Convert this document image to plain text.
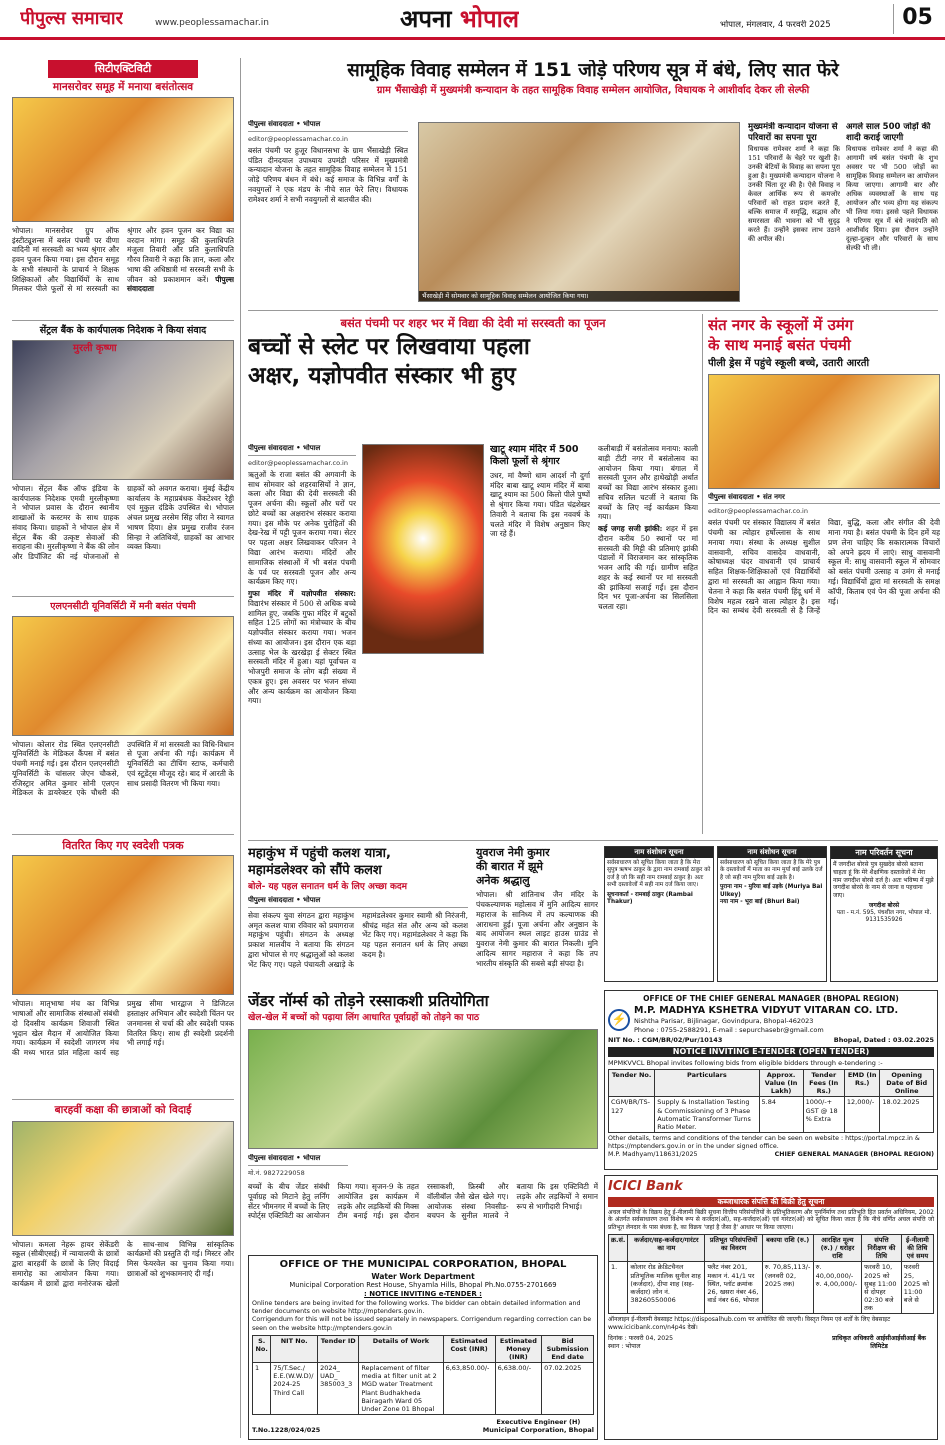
पीपुल्स समाचार	www.peoplessamachar.in	अपना भोपाल	भोपाल, मंगलवार, 4 फरवरी 2025	05
सिटीएक्टिविटी
मानसरोवर समूह में मनाया बसंतोत्सव
भोपाल। मानसरोवर ग्रुप ऑफ इंस्टीट्यूशन्स में बसंत पंचमी पर वीणा वादिनी मां सरस्वती का भव्य श्रृंगार और हवन पूजन किया गया। इस दौरान समूह के सभी संस्थानों के प्राचार्य ने शिक्षक शिक्षिकाओं और विद्यार्थियों के साथ मिलकर पीले फूलों से मां सरस्वती का श्रृंगार और हवन पूजन कर विद्या का वरदान मांगा। समूह की कुलाधिपति मंजुला तिवारी और प्रति कुलाधिपति गौरव तिवारी ने कहा कि ज्ञान, कला और भाषा की अधिष्ठात्री मां सरस्वती सभी के जीवन को प्रकाशमान करें। पीपुल्स संवाददाता
सेंट्रल बैंक के कार्यपालक निदेशक ने किया संवाद
मुरली कृष्णा
भोपाल। सेंट्रल बैंक ऑफ इंडिया के कार्यपालक निदेशक एमवी मुरलीकृष्णा ने भोपाल प्रवास के दौरान स्थानीय शाखाओं के कस्टमर के साथ ग्राहक संवाद किया। ग्राहकों ने भोपाल क्षेत्र में सेंट्रल बैंक की उत्कृष्ट सेवाओं की सराहना की। मुरलीकृष्णा ने बैंक की लोन और डिपॉजिट की नई योजनाओं से ग्राहकों को अवगत कराया। मुंबई केंद्रीय कार्यालय के महाप्रबंधक वेंकटेश्वर रेड्डी एवं मुकुल दंडिके उपस्थित थे। भोपाल अंचल प्रमुख तरसेम सिंह जीरा ने स्वागत भाषण दिया। क्षेत्र प्रमुख राजीव रंजन सिन्हा ने अतिथियों, ग्राहकों का आभार व्यक्त किया।
एलएनसीटी यूनिवर्सिटी में मनी बसंत पंचमी
भोपाल। कोलार रोड स्थित एलएनसीटी यूनिवर्सिटी के मेडिकल कैंपस में बसंत पंचमी मनाई गई। इस दौरान एलएनसीटी यूनिवर्सिटी के चांसलर जेएन चौकसे, रजिस्ट्रार अमित कुमार सोनी एलएन मेडिकल के डायरेक्टर एके चौधरी की उपस्थिति में मां सरस्वती का विधि-विधान से पूजा अर्चना की गई। कार्यक्रम में यूनिवर्सिटी का टीचिंग स्टाफ, कर्मचारी एवं स्टूडेंट्स मौजूद रहे। बाद में आरती के साथ प्रसादी वितरण भी किया गया।
वितरित किए गए स्वदेशी पत्रक
भोपाल। मातृभाषा मंच का विभिन्न भाषाओं और सामाजिक संस्थाओं संबंधी दो दिवसीय कार्यक्रम शिवाजी स्थित भूदान खेल मैदान में आयोजित किया गया। कार्यक्रम में स्वदेशी जागरण मंच की मध्य भारत प्रांत महिला कार्य सह प्रमुख सीमा भारद्वाज ने डिजिटल हस्ताक्षर अभियान और स्वदेशी चिंतन पर जनमानस से चर्चा की और स्वदेशी पत्रक वितरित किए। साथ ही स्वदेशी प्रदर्शनी भी लगाई गई।
बारहवीं कक्षा की छात्राओं को विदाई
भोपाल। कमला नेहरू हायर सेकेंडरी स्कूल (सीबीएसई) में न्यायालयी के छात्रों द्वारा बारहवीं के छात्रों के लिए विदाई समारोह का आयोजन किया गया। कार्यक्रम में छात्रों द्वारा मनोरंजक खेलों के साथ-साथ विभिन्न सांस्कृतिक कार्यक्रमों की प्रस्तुति दी गई। मिस्टर और मिस फेयरवेल का चुनाव किया गया। छात्राओं को शुभकामनाएं दी गईं।
सामूहिक विवाह सम्मेलन में 151 जोड़े परिणय सूत्र में बंधे, लिए सात फेरे
ग्राम भैंसाखेड़ी में मुख्यमंत्री कन्यादान के तहत सामूहिक विवाह सम्मेलन आयोजित, विधायक ने आशीर्वाद देकर ली सेल्फी
पीपुल्स संवाददाता • भोपाल
editor@peoplessamachar.co.in
बसंत पंचमी पर हुजूर विधानसभा के ग्राम भैंसाखेड़ी स्थित पंडित दीनदयाल उपाध्याय उपमंडी परिसर में मुख्यमंत्री कन्यादान योजना के तहत सामूहिक विवाह सम्मेलन में 151 जोड़े परिणय बंधन में बंधे। कई समाज के विभिन्न वर्गों के नवयुगलों ने एक मंडप के नीचे सात फेरे लिए। विधायक रामेश्वर शर्मा ने सभी नवयुगलों से बातचीत की।
भैंसाखेड़ी में सोमवार को सामूहिक विवाह सम्मेलन आयोजित किया गया।
मुख्यमंत्री कन्यादान योजना से परिवारों का सपना पूरा
विधायक रामेश्वर शर्मा ने कहा कि 151 परिवारों के चेहरे पर खुशी है। उनकी बेटियों के विवाह का सपना पूरा हुआ है। मुख्यमंत्री कन्यादान योजना ने उनकी चिंता दूर की है। ऐसे विवाह न केवल आर्थिक रूप से कमजोर परिवारों को राहत प्रदान करते हैं, बल्कि समाज में समृद्धि, सद्भाव और समरसता की भावना को भी सुदृढ़ करते हैं। उन्होंने इसका लाभ उठाने की अपील की।
अगले साल 500 जोड़ों की शादी कराई जाएगी
विधायक रामेश्वर शर्मा ने कहा की आगामी वर्ष बसंत पंचमी के शुभ अवसर पर भी 500 जोड़ों का सामूहिक विवाह सम्मेलन का आयोजन किया जाएगा। आगामी बार और अधिक व्यवस्थाओं के साथ यह आयोजन और भव्य होगा यह संकल्प भी लिया गया। इससे पहले विधायक ने परिणय सूत्र में बंधे नवदंपति को आशीर्वाद दिया। इस दौरान उन्होंने दूल्हा-दुल्हन और परिवारों के साथ सेल्फी भी ली।
बसंत पंचमी पर शहर भर में विद्या की देवी मां सरस्वती का पूजन
बच्चों से स्लेट पर लिखवाया पहला
अक्षर, यज्ञोपवीत संस्कार भी हुए
पीपुल्स संवाददाता • भोपाल
editor@peoplessamachar.co.in
ऋतुओं के राजा बसंत की अगवानी के साथ सोमवार को शहरवासियों ने ज्ञान, कला और विद्या की देवी सरस्वती की पूजन अर्चना की। स्कूलों और घरों पर छोटे बच्चों का अक्षरारंभ संस्कार कराया गया। इस मौके पर अनेक पुरोहितों की देख-रेख में पट्टी पूजन कराया गया। सेटर पर पहला अक्षर लिखवाकर परिजन ने विद्या आरंभ कराया। मंदिरों और सामाजिक संस्थाओं में भी बसंत पंचमी के पर्व पर सरस्वती पूजन और अन्य कार्यक्रम किए गए।
गुफा मंदिर में यज्ञोपवीत संस्कार: विद्यारंभ संस्कार में 500 से अधिक बच्चे शामिल हुए, जबकि गुफा मंदिर में बटुकों सहित 125 लोगों का मंत्रोच्चार के बीच यज्ञोपवीत संस्कार कराया गया। भजन संध्या का आयोजन। इस दौरान एक बड़ा उत्साह भेल के खरखेड़ा ई सेक्टर स्थित सरस्वती मंदिर में हुआ। यहां पूर्वाचल व भोजपुरी समाज के लोग बड़ी संख्या में एकत्र हुए। इस अवसर पर भजन संध्या और अन्य कार्यक्रम का आयोजन किया गया।
खाटू श्याम मंदिर में 500 किलो फूलों से श्रृंगार
उधर, मां वैष्णो धाम आदर्श नौ दुर्गा मंदिर बाबा खाटू श्याम मंदिर में बाबा खाटू श्याम का 500 किलो पीले पुष्पों से श्रृंगार किया गया। पंडित चंद्रशेखर तिवारी ने बताया कि इस नववर्ष के चलते मंदिर में विशेष अनुष्ठान किए जा रहे हैं।
कलीबाड़ी में बसंतोत्सव मनाया: काली बाड़ी टीटी नगर में बसंतोत्सव का आयोजन किया गया। बंगाल में सरस्वती पूजन और हाथेखोड़ी अर्थात बच्चों का विद्या आरंभ संस्कार हुआ। सचिव सलिल चटर्जी ने बताया कि बच्चों के लिए नई कार्यक्रम किया गया।
कई जगह सजी झांकी: शहर में इस दौरान करीब 50 स्थानों पर मां सरस्वती की मिट्टी की प्रतिमाएं झांकी पंडालों में विराजमान कर सांस्कृतिक भजन आदि की गई। ग्रामीण सहित शहर के कई स्थानों पर मां सरस्वती की झांकियां सजाई गईं। इस दौरान दिन भर पूजा-अर्चना का सिलसिला चलता रहा।
संत नगर के स्कूलों में उमंग
के साथ मनाई बसंत पंचमी
पीली ड्रेस में पहुंचे स्कूली बच्चे, उतारी आरती
पीपुल्स संवाददाता • संत नगर
editor@peoplessamachar.co.in
बसंत पंचमी पर संस्कार विद्यालय में बसंत पंचमी का त्योहार हर्षोल्लास के साथ मनाया गया। संस्था के अध्यक्ष सुशील वासवानी, सचिव वासदेव वाधवानी, कोषाध्यक्ष चंदर वाधवानी एवं प्राचार्य सहित शिक्षक-शिक्षिकाओं एवं विद्यार्थियों द्वारा मां सरस्वती का आह्वान किया गया। चेतना ने कहा कि बसंत पंचमी हिंदू धर्म में विशेष महत्व रखने वाला त्योहार है। इस दिन का सम्बंध देवी सरस्वती से है जिन्हें विद्या, बुद्धि, कला और संगीत की देवी माना गया है। बसंत पंचमी के दिन हमें यह प्रण लेना चाहिए कि सकारात्मक विचारों को अपने ह्रदय में लाएं। साधु वासवानी स्कूल में: साधु वासवानी स्कूल में सोमवार को बसंत पंचमी उत्साह व उमंग से मनाई गई। विद्यार्थियों द्वारा मां सरस्वती के समक्ष कॉपी, किताब एवं पेन की पूजा अर्चना की गई।
महाकुंभ में पहुंची कलश यात्रा,
महामंडलेश्वर को सौंपे कलश
बोले- यह पहल सनातन धर्म के लिए अच्छा कदम
पीपुल्स संवाददाता • भोपाल
सेवा संकल्प युवा संगठन द्वारा महाकुंभ अमृत कलश यात्रा रविवार को प्रयागराज महाकुंभ पहुंची। संगठन के अध्यक्ष प्रकाश मालवीय ने बताया कि संगठन द्वारा भोपाल से गए श्रद्धालुओं को कलश भेंट किए गए। पहले पंचायती अखाड़े के महामंडलेश्वर कुमार स्वामी श्री निरंजनी, श्रीचंद्र महंत संत और अन्य को कलश भेंट किए गए। महामंडलेश्वर ने कहा कि यह पहल सनातन धर्म के लिए अच्छा कदम है।
युवराज नेमी कुमार
की बारात में झूमे
अनेक श्रद्धालु
भोपाल। श्री शांतिनाथ जैन मंदिर के पंचकल्याणक महोत्सव में मुनि आदित्य सागर महाराज के सानिध्य में तप कल्याणक की आराधना हुई। पूजा अर्चना और अनुष्ठान के बाद आयोजन स्थल लाइट हाउस ग्राउंड से युवराज नेमी कुमार की बारात निकली। मुनि आदित्य सागर महाराज ने कहा कि तप भारतीय संस्कृति की सबसे बड़ी संपदा है।
नाम संशोधन सूचना
सर्वसाधारण को सूचित किया जाता है कि मेरा सुपुत्र ऋषभ ठाकुर के द्वारा नाम रामबाई ठाकुर को दर्ज है जो कि सही नाम रामबाई ठाकुर है। अतः सभी दस्तावेजों में सही नाम दर्ज किया जाए।
सूचनाकर्ता - रामबाई ठाकुर (Rambai Thakur)
नाम संशोधन सूचना
सर्वसाधारण को सूचित किया जाता है कि मेरे पुत्र के दस्तावेजों में माता का नाम मुर्या बाई उलके दर्ज है जो सही नाम मुरिया बाई उइके है।
पुराना नाम - मुरिया बाई उइके (Muriya Bai Ulkey)
नया नाम - भूरा बाई (Bhuri Bai)
नाम परिवर्तन सूचना
मैं जगदीश बोरसे पुत्र सुखदेव बोरसे बताना चाहता हूं कि मेरे शैक्षणिक दस्तावेजों में मेरा नाम जगदीश बोरसे दर्ज है। अतः भविष्य में मुझे जगदीश बोरसे के नाम से जाना व पहचाना जाए।
जगदीश बोरसे
पता - म.नं. 595, पंचशील नगर, भोपाल मो. 9131535926
जेंडर नॉर्म्स को तोड़ने रस्साकशी प्रतियोगिता
खेल-खेल में बच्चों को पढ़ाया लिंग आधारित पूर्वाग्रहों को तोड़ने का पाठ
पीपुल्स संवाददाता • भोपाल
मो.नं. 9827229058
बच्चों के बीच जेंडर संबंधी पूर्वाग्रह को मिटाने हेतु लर्निंग सेंटर भीमनगर में बच्चों के लिए स्पोर्ट्स एक्टिविटी का आयोजन किया गया। सृजन-9 के तहत आयोजित इस कार्यक्रम में लड़के और लड़कियों की मिक्स टीम बनाई गई। इस दौरान रस्साकशी, फ्रिस्बी और वॉलीबॉल जैसे खेल खेले गए। आयोजक संस्था निवसीड-बचपन के सुनील मालवे ने बताया कि इस एक्टिविटी में लड़के और लड़कियों ने समान रूप से भागीदारी निभाई।
OFFICE OF THE CHIEF GENERAL MANAGER (BHOPAL REGION)
⚡
M.P. MADHYA KSHETRA VIDYUT VITARAN CO. LTD.
Nishtha Parisar, Bijlinagar, Govindpura, Bhopal-462023
Phone : 0755-2588291, E-mail : sepurchasebr@gmail.com
NIT No. : CGM/BR/02/Pur/10143	Bhopal, Dated : 03.02.2025
NOTICE INVITING E-TENDER (OPEN TENDER)
MPMKVVCL Bhopal invites following bids from eligible bidders through e-tendering :-
Tender No.	Particulars	Approx. Value (In Lakh)	Tender Fees (In Rs.)	EMD (In Rs.)	Opening Date of Bid Online
CGM/BR/TS-127	Supply & Installation Testing & Commissioning of 3 Phase Automatic Transformer Turns Ratio Meter.	5.84	1000/-+ GST @ 18 % Extra	12,000/-	18.02.2025
Other details, terms and conditions of the tender can be seen on website : https://portal.mpcz.in & https://mptenders.gov.in or in the under signed office.
M.P. Madhyam/118631/2025	CHIEF GENERAL MANAGER (BHOPAL REGION)
ICICI Bank
कब्जाधारक संपत्ति की बिक्री हेतु सूचना
अचल संपत्तियों के विक्रय हेतु ई-नीलामी बिक्री सूचना वित्तीय परिसंपत्तियों के प्रतिभूतिकरण और पुनर्निर्माण तथा प्रतिभूति हित प्रवर्तन अधिनियम, 2002 के अंतर्गत सर्वसाधारण तथा विशेष रूप से कर्जदार(ओं), सह-कर्जदार(ओं) एवं गारंटर(ओं) को सूचित किया जाता है कि नीचे वर्णित अचल संपत्ति जो प्रतिभूत लेनदार के पास बंधक है, का विक्रय 'जहां है जैसा है' आधार पर किया जाएगा।
क्र.सं.	कर्जदार/सह-कर्जदार/गारंटर का नाम	प्रतिभूत परिसंपत्तियों का विवरण	बकाया राशि (रु.)	आरक्षित मूल्य (रु.) / धरोहर राशि	संपत्ति निरीक्षण की तिथि	ई-नीलामी की तिथि एवं समय
1.	कोलार रोड क्रेडिटचैनल प्रतिभूतिक मालिक सुनील शाह (कर्जदार), दीपा शाह (सह-कर्जदार) लोन नं. 38260550006	फ्लैट नंबर 201, मकान नं. 41/1 पर स्थित, प्लॉट क्रमांक 26, खसरा नंबर 46, वार्ड नंबर 66, भोपाल	रु. 70,85,113/- (जनवरी 02, 2025 तक)	रु. 40,00,000/- रु. 4,00,000/-	फरवरी 10, 2025 को सुबह 11:00 से दोपहर 02:30 बजे तक	फरवरी 25, 2025 को 11:00 बजे से
ऑनलाइन ई-नीलामी वेबसाइट https://disposalhub.com पर आयोजित की जाएगी। विस्तृत नियम एवं शर्तों के लिए वेबसाइट www.icicibank.com/n4p4s देखें।
दिनांक : फरवरी 04, 2025
स्थान : भोपाल
प्राधिकृत अधिकारी आईसीआईसीआई बैंक लिमिटेड
OFFICE OF THE MUNICIPAL CORPORATION, BHOPAL
Water Work Department
Municipal Corporation Rest House, Shyamla Hills, Bhopal Ph.No.0755-2701669
: NOTICE INVITING e-TENDER :
Online tenders are being invited for the following works. The bidder can obtain detailed information and tender documents on website http://mptenders.gov.in.
Corrigendum for this will not be issued separately in newspapers. Corrigendum regarding correction can be seen on the website http://mptenders.gov.in
S. No.	NIT No.	Tender ID	Details of Work	Estimated Cost (INR)	Estimated Money (INR)	Bid Submission End date
1	75/T.Sec./ E.E.(W.W.D)/ 2024-25 Third Call	2024_ UAD_ 385003_3	Replacement of filter media at filter unit at 2 MGD water Treatment Plant Budhakheda Bairagarh Ward 05 Under Zone 01 Bhopal	6,63,850.00/-	6,638.00/-	07.02.2025
T.No.1228/024/025
Executive Engineer (H)
Municipal Corporation, Bhopal
